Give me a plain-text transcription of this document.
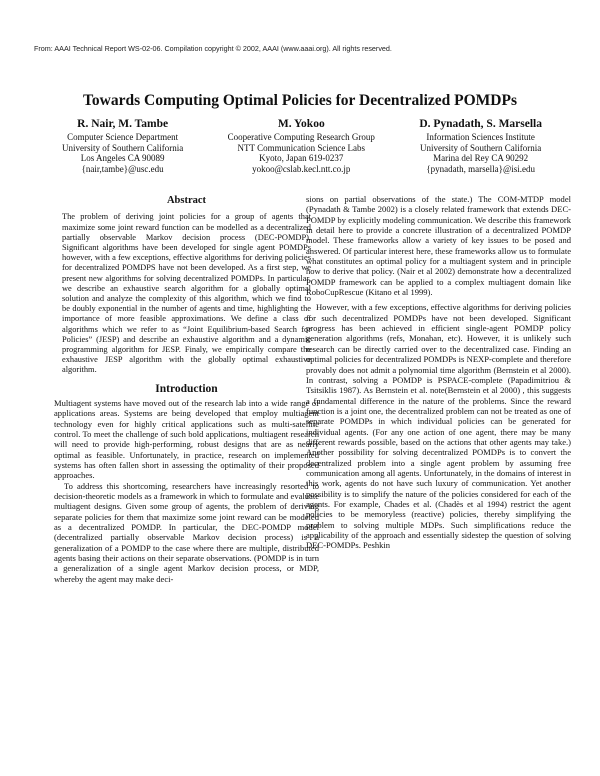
From: AAAI Technical Report WS-02-06. Compilation copyright © 2002, AAAI (www.aaai.org). All rights reserved.
Towards Computing Optimal Policies for Decentralized POMDPs
R. Nair, M. Tambe
Computer Science Department
University of Southern California
Los Angeles CA 90089
{nair,tambe}@usc.edu
M. Yokoo
Cooperative Computing Research Group
NTT Communication Science Labs
Kyoto, Japan 619-0237
yokoo@cslab.kecl.ntt.co.jp
D. Pynadath, S. Marsella
Information Sciences Institute
University of Southern California
Marina del Rey CA 90292
{pynadath, marsella}@isi.edu
Abstract

The problem of deriving joint policies for a group of agents that maximize some joint reward function can be modelled as a decentralized partially observable Markov decision process (DEC-POMDP). Significant algorithms have been developed for single agent POMDPs however, with a few exceptions, effective algorithms for deriving policies for decentralized POMDPS have not been developed. As a first step, we present new algorithms for solving decentralized POMDPs. In particular, we describe an exhaustive search algorithm for a globally optimal solution and analyze the complexity of this algorithm, which we find to be doubly exponential in the number of agents and time, highlighting the importance of more feasible approximations. We define a class of algorithms which we refer to as “Joint Equilibrium-based Search for Policies” (JESP) and describe an exhaustive algorithm and a dynamic programming algorithm for JESP. Finaly, we empirically compare the exhaustive JESP algorithm with the globally optimal exhaustive algorithm.

Introduction

Multiagent systems have moved out of the research lab into a wide range of applications areas. Systems are being developed that employ multiagent technology even for highly critical applications such as multi-satellite control. To meet the challenge of such bold applications, multiagent research will need to provide high-performing, robust designs that are as nearly optimal as feasible. Unfortunately, in practice, research on implemented systems has often fallen short in assessing the optimality of their proposed approaches.

To address this shortcoming, researchers have increasingly resorted to decision-theoretic models as a framework in which to formulate and evaluate multiagent designs. Given some group of agents, the problem of deriving separate policies for them that maximize some joint reward can be modeled as a decentralized POMDP. In particular, the DEC-POMDP model (decentralized partially observable Markov decision process) is a generalization of a POMDP to the case where there are multiple, distributed agents basing their actions on their separate observations. (POMDP is in turn a generalization of a single agent Markov decision process, or MDP, whereby the agent may make deci-

sions on partial observations of the state.) The COM-MTDP model (Pynadath & Tambe 2002) is a closely related framework that extends DEC-POMDP by explicitly modeling communication. We describe this framework in detail here to provide a concrete illustration of a decentralized POMDP model. These frameworks allow a variety of key issues to be posed and answered. Of particular interest here, these frameworks allow us to formulate what constitutes an optimal policy for a multiagent system and in principle how to derive that policy. (Nair et al 2002) demonstrate how a decentralized POMDP framework can be applied to a complex multiagent domain like RoboCupRescue (Kitano et al 1999).

However, with a few exceptions, effective algorithms for deriving policies for such decentralized POMDPs have not been developed. Significant progress has been achieved in efficient single-agent POMDP policy generation algorithms (refs, Monahan, etc). However, it is unlikely such research can be directly carried over to the decentralized case. Finding an optimal policies for decentralized POMDPs is NEXP-complete and therefore provably does not admit a polynomial time algorithm (Bernstein et al 2000). In contrast, solving a POMDP is PSPACE-complete (Papadimitriou & Tsitsiklis 1987). As Bernstein et al. note(Bernstein et al 2000) , this suggests a fundamental difference in the nature of the problems. Since the reward function is a joint one, the decentralized problem can not be treated as one of separate POMDPs in which individual policies can be generated for individual agents. (For any one action of one agent, there may be many different rewards possible, based on the actions that other agents may take.) Another possibility for solving decentralized POMDPs is to convert the decentralized problem into a single agent problem by assuming free communication among all agents. Unfortunately, in the domains of interest in this work, agents do not have such luxury of communication. Yet another possibility is to simplify the nature of the policies considered for each of the agents. For example, Chades et al. (Chadès et al 1994) restrict the agent policies to be memoryless (reactive) policies, thereby simplifying the problem to solving multiple MDPs. Such simplifications reduce the applicability of the approach and essentially sidestep the question of solving DEC-POMDPs. Peshkin
